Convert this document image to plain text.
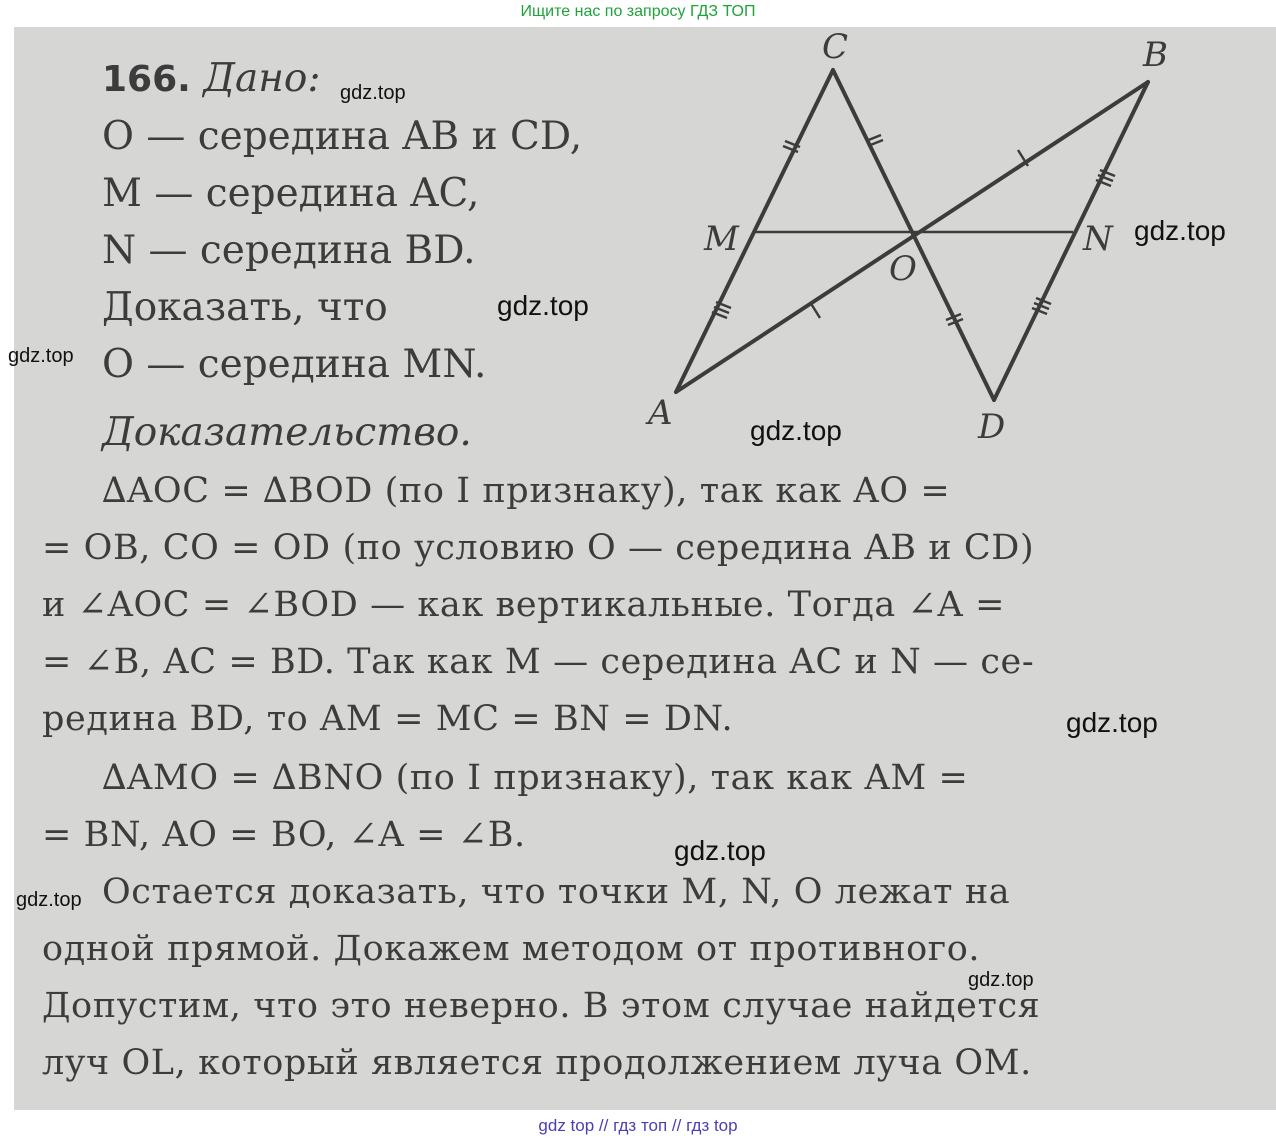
Ищите нас по запросу ГДЗ ТОП
166. Дано:
O — середина AB и CD,
M — середина AC,
N — середина BD.
Доказать, что
O — середина MN.
Доказательство.
∆AOC = ∆BOD (по I признаку), так как AO =
= OB, CO = OD (по условию O — середина AB и CD)
и ∠AOC = ∠BOD — как вертикальные. Тогда ∠A =
= ∠B, AC = BD. Так как M — середина AC и N — се-
редина BD, то AM = MC = BN = DN.
∆AMO = ∆BNO (по I признаку), так как AM =
= BN, AO = BO, ∠A = ∠B.
Остается доказать, что точки M, N, O лежат на
одной прямой. Докажем методом от противного.
Допустим, что это неверно. В этом случае найдется
луч OL, который является продолжением луча OM.
C	B
M	N
O
A	D
gdz.top
gdz.top
gdz.top
gdz.top
gdz.top
gdz.top
gdz.top
gdz.top
gdz.top
gdz top // гдз топ // гдз top
